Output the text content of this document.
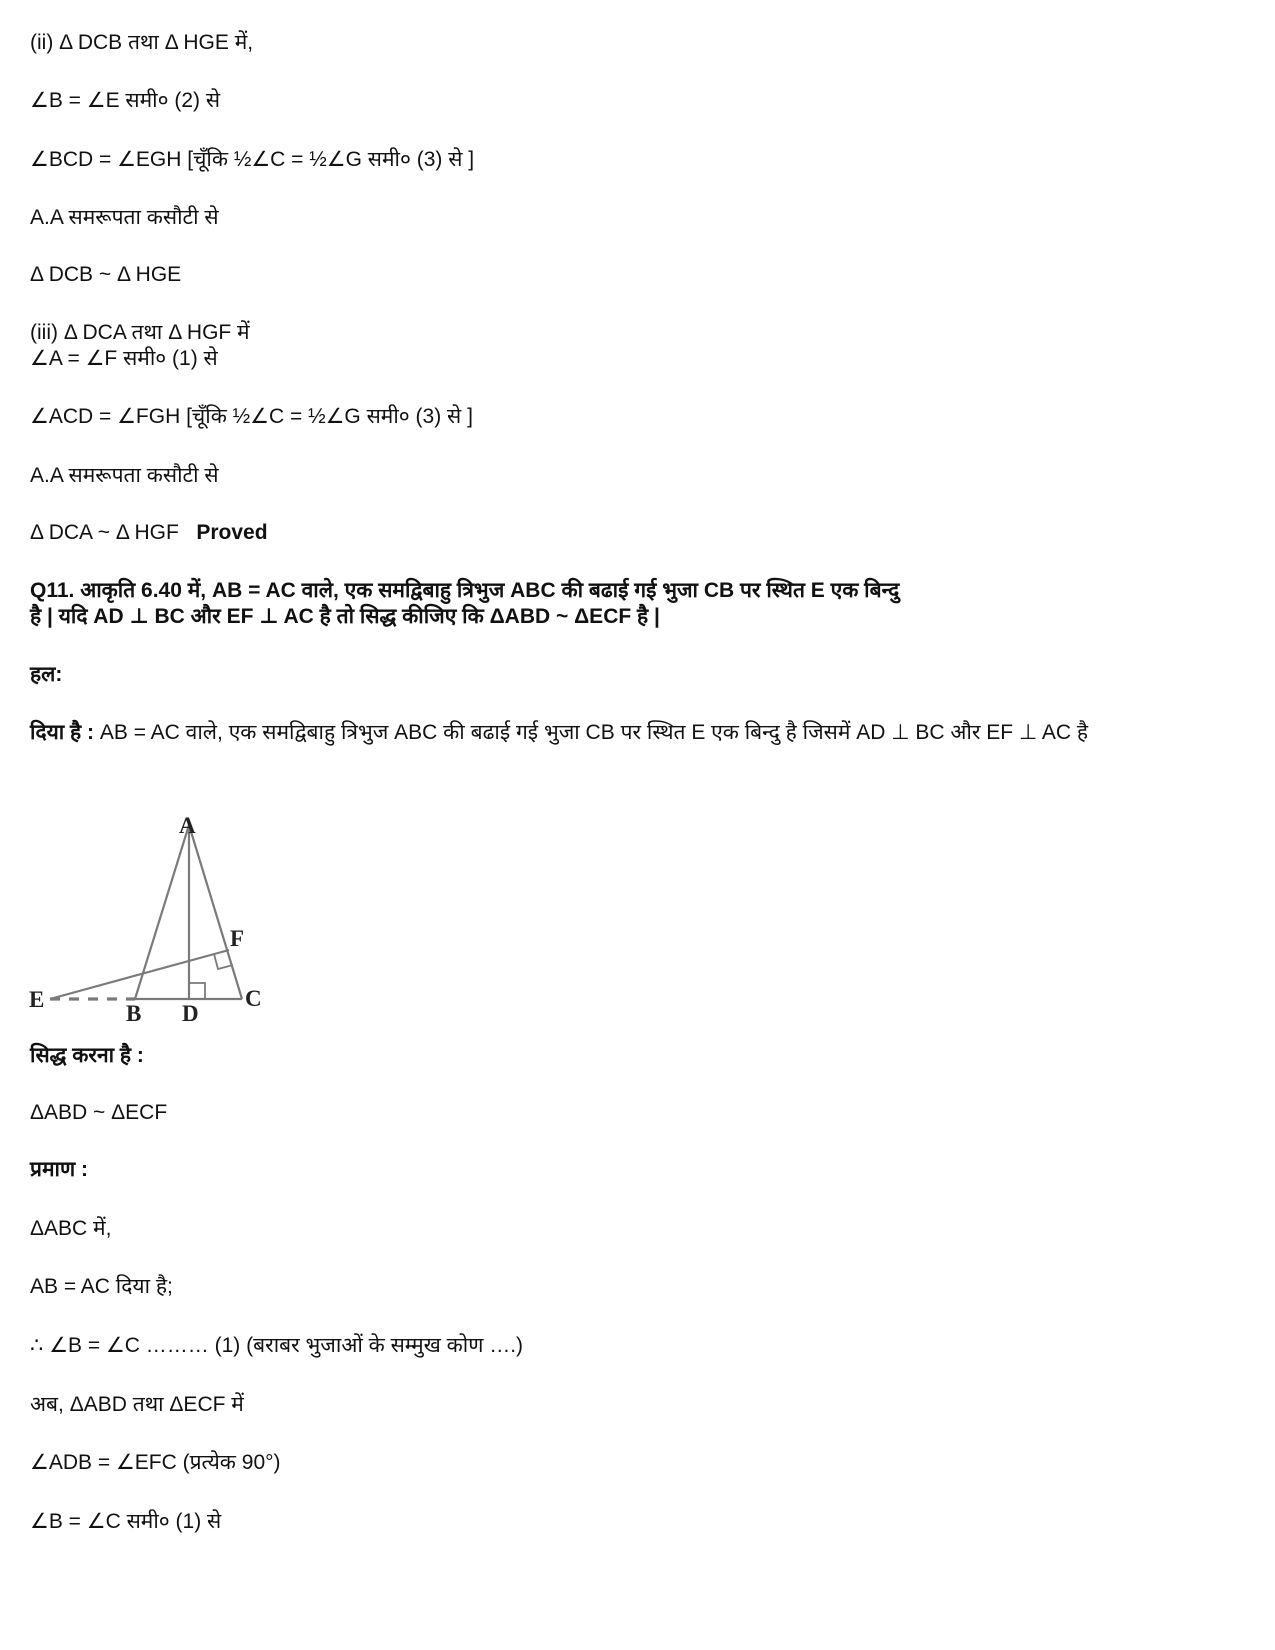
(ii) Δ DCB तथा Δ HGE में,

∠B = ∠E समी० (2) से

∠BCD = ∠EGH [चूँकि ½∠C = ½∠G समी० (3) से ]

A.A समरूपता कसौटी से

Δ DCB ~ Δ HGE

(iii) Δ DCA तथा Δ HGF में

∠A = ∠F समी० (1) से

∠ACD = ∠FGH [चूँकि ½∠C = ½∠G समी० (3) से ]

A.A समरूपता कसौटी से

Δ DCA ~ Δ HGF Proved

Q11. आकृति 6.40 में, AB = AC वाले, एक समद्विबाहु त्रिभुज ABC की बढाई गई भुजा CB पर स्थित E एक बिन्दु

है | यदि AD ⊥ BC और EF ⊥ AC है तो सिद्ध कीजिए कि ΔABD ~ ΔECF है |

हल:

दिया है : AB = AC वाले, एक समद्विबाहु त्रिभुज ABC की बढाई गई भुजा CB पर स्थित E एक बिन्दु है जिसमें AD ⊥ BC और EF ⊥ AC है

A
B
C
D
E
F

सिद्ध करना है :

ΔABD ~ ΔECF

प्रमाण :

ΔABC में,

AB = AC दिया है;

∴ ∠B = ∠C ……… (1) (बराबर भुजाओं के सम्मुख कोण ….)

अब, ΔABD तथा ΔECF में

∠ADB = ∠EFC (प्रत्येक 90°)

∠B = ∠C समी० (1) से
